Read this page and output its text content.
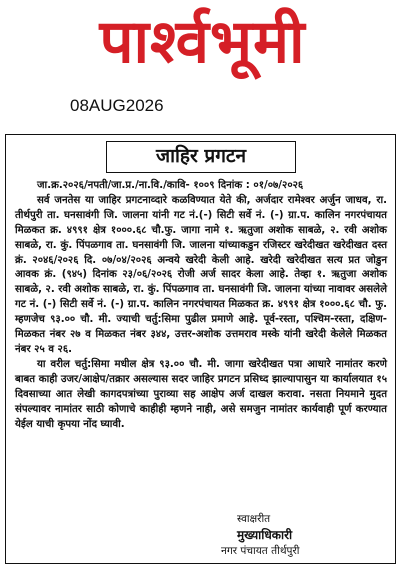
पार्श्वभूमी
08AUG2026
जाहिर प्रगटन

जा.क्र.२०२६/नपती/जा.प्र./ना.वि./कावि- १००९ दिनांक : ०१/०७/२०२६

सर्व जनतेस या जाहिर प्रगटनाव्दारे कळविण्यात येते की, अर्जदार रामेश्वर अर्जुन जाधव, रा. तीर्थपुरी ता. घनसावंगी जि. जालना यांनी गट नं.(-) सिटी सर्वे नं. (-) ग्रा.प. कालिन नगरपंचायत मिळकत क्र. ४९९१ क्षेत्र १०००.६८ चौ.फु. जागा नामे १. ऋतुजा अशोक साबळे, २. रवी अशोक साबळे, रा. कुं. पिंपळगाव ता. घनसावंगी जि. जालना यांच्याकडुन रजिस्टर खरेदीखत खरेदीखत दस्त क्रं. २०४६/२०२६ दि. ०७/०४/२०२६ अन्वये खरेदी केली आहे. खरेदी खरेदीखत सत्य प्रत जोडुन आवक क्रं. (९४५) दिनांक २३/०६/२०२६ रोजी अर्ज सादर केला आहे. तेव्हा १. ऋतुजा अशोक साबळे, २. रवी अशोक साबळे, रा. कुं. पिंपळगाव ता. घनसावंगी जि. जालना यांच्या नावावर असलेले गट नं. (-) सिटी सर्वे नं. (-) ग्रा.प. कालिन नगरपंचायत मिळकत क्र. ४९९१ क्षेत्र १०००.६८ चौ. फु. म्हणजेच ९३.०० चौ. मी. ज्याची चर्तु:सिमा पुढील प्रमाणे आहे. पूर्व-रस्ता, पश्चिम-रस्ता, दक्षिण-मिळकत नंबर २७ व मिळकत नंबर ३४४, उत्तर-अशोक उत्तमराव मस्के यांनी खरेदी केलेले मिळकत नंबर २५ व २६.

या वरील चर्तु:सिमा मधील क्षेत्र ९३.०० चौ. मी. जागा खरेदीखत पत्रा आधारे नामांतर करणे बाबत काही उजर/आक्षेप/तक्रार असल्यास सदर जाहिर प्रगटन प्रसिध्द झाल्यापासुन या कार्यालयात १५ दिवसाच्या आत लेखी कागदपत्रांच्या पुराव्या सह आक्षेप अर्ज दाखल करावा. नसता नियमाने मुदत संपल्यावर नामांतर साठी कोणाचे काहीही म्हणने नाही, असे समजुन नामांतर कार्यवाही पूर्ण करण्यात येईल याची कृपया नोंद घ्यावी.

स्वाक्षरीत
मुख्याधिकारी
नगर पंचायत तीर्थपुरी
